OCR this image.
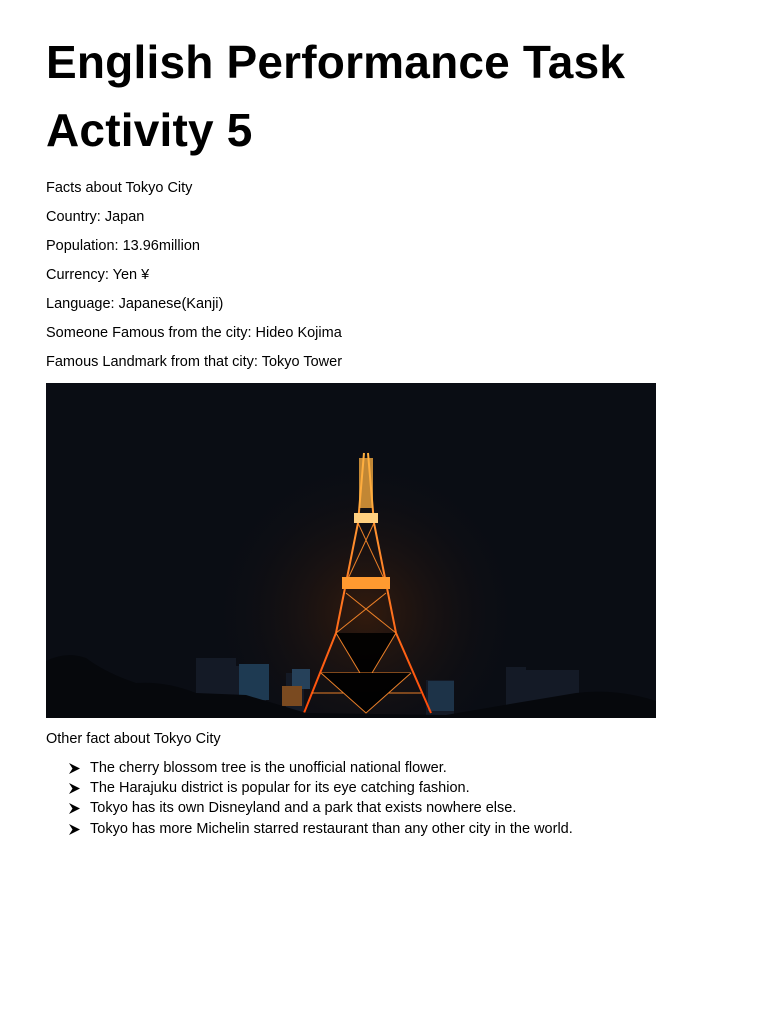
English Performance Task
Activity 5
Facts about Tokyo City
Country: Japan
Population: 13.96million
Currency: Yen ¥
Language: Japanese(Kanji)
Someone Famous from the city: Hideo Kojima
Famous Landmark from that city: Tokyo Tower
Other fact about Tokyo City
The cherry blossom tree is the unofficial national flower.
The Harajuku district is popular for its eye catching fashion.
Tokyo has its own Disneyland and a park that exists nowhere else.
Tokyo has more Michelin starred restaurant than any other city in the world.
